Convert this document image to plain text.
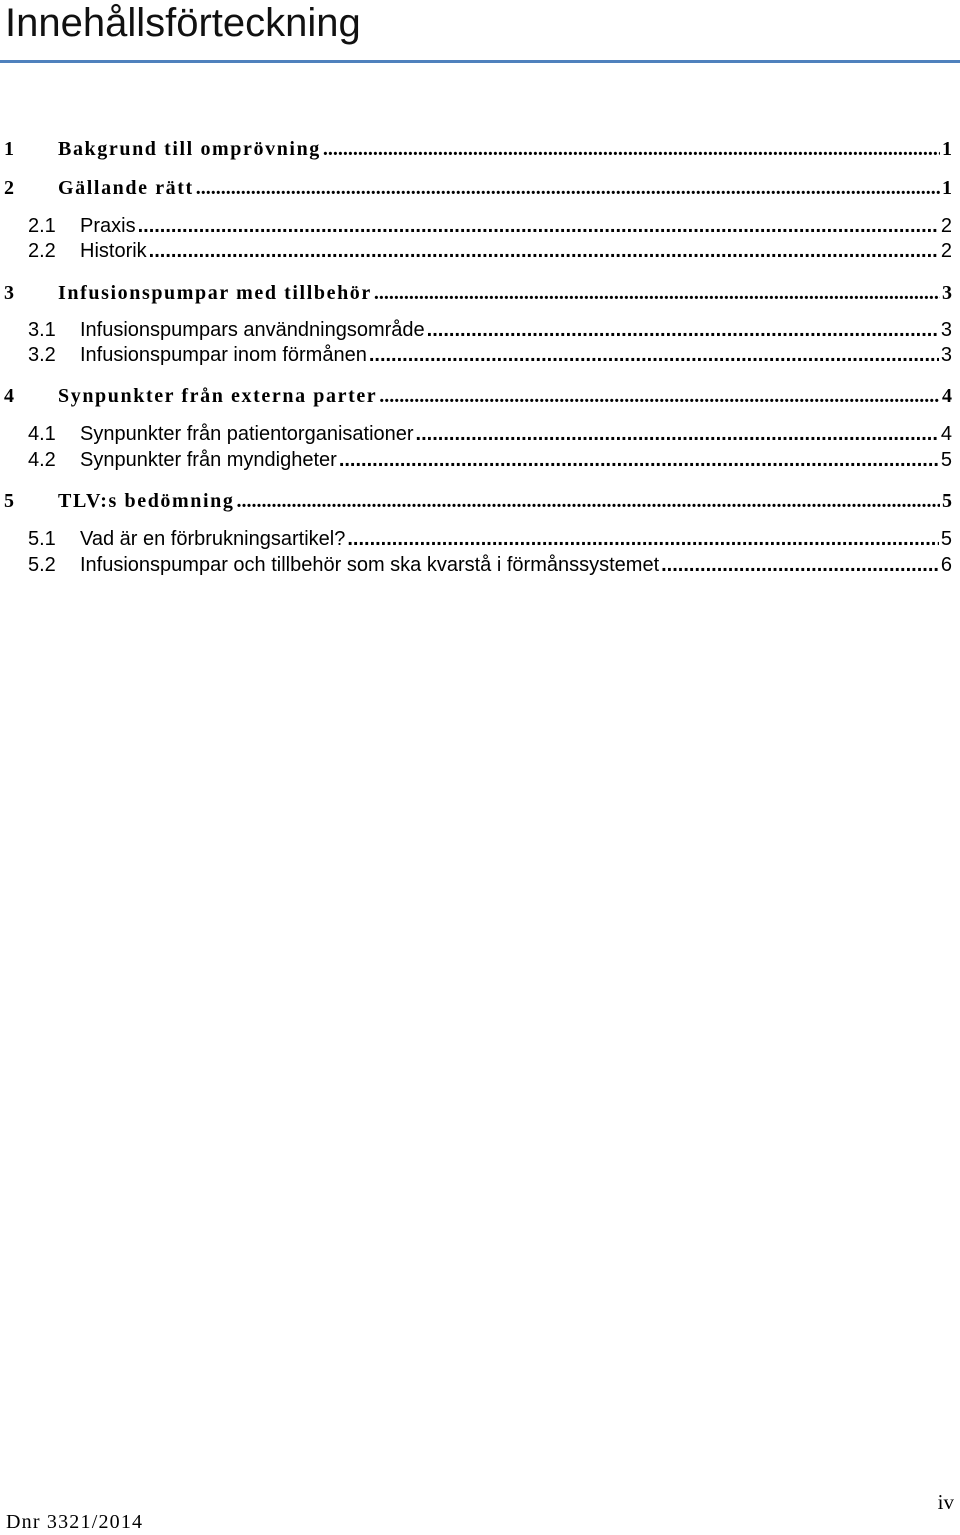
Innehållsförteckning
1	Bakgrund till omprövning .....	1
2	Gällande rätt .....	1
2.1	Praxis .....	2
2.2	Historik .....	2
3	Infusionspumpar med tillbehör .....	3
3.1	Infusionspumpars användningsområde .....	3
3.2	Infusionspumpar inom förmånen .....	3
4	Synpunkter från externa parter .....	4
4.1	Synpunkter från patientorganisationer .....	4
4.2	Synpunkter från myndigheter .....	5
5	TLV:s bedömning .....	5
5.1	Vad är en förbrukningsartikel? .....	5
5.2	Infusionspumpar och tillbehör som ska kvarstå i förmånssystemet .....	6
Dnr 3321/2014
iv
